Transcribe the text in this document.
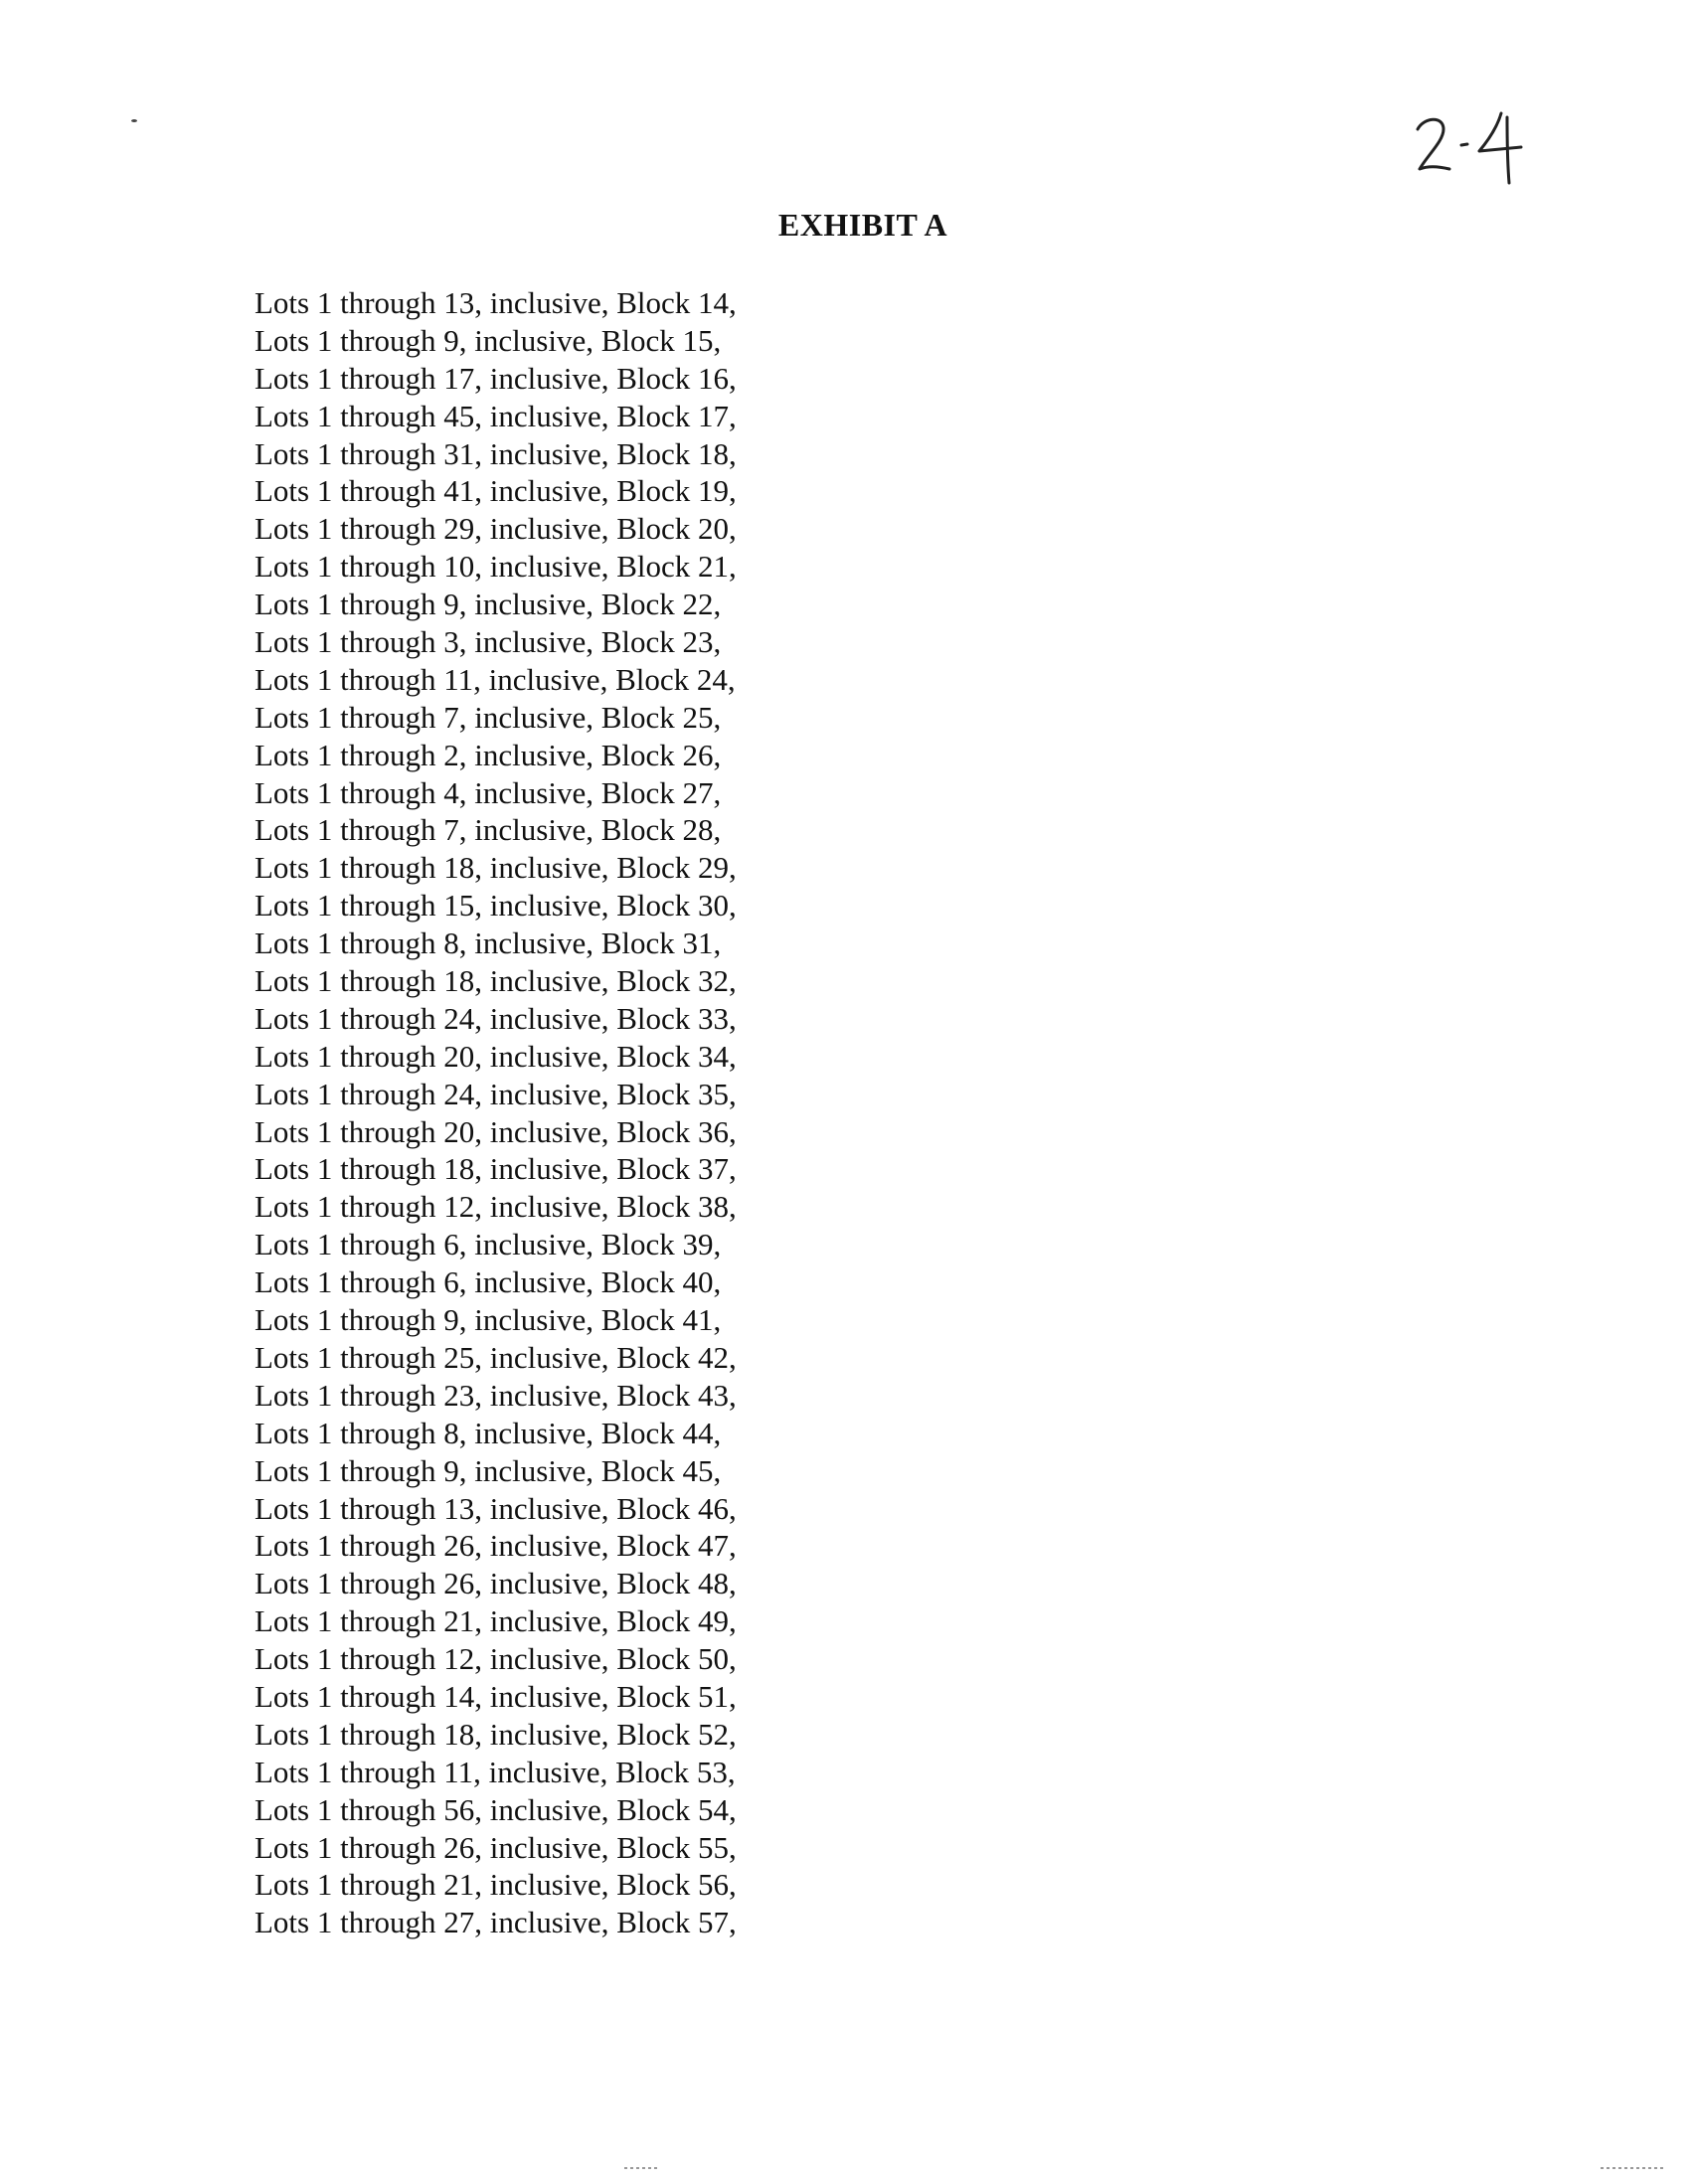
EXHIBIT A
Lots 1 through 13, inclusive, Block 14,
Lots 1 through 9, inclusive, Block 15,
Lots 1 through 17, inclusive, Block 16,
Lots 1 through 45, inclusive, Block 17,
Lots 1 through 31, inclusive, Block 18,
Lots 1 through 41, inclusive, Block 19,
Lots 1 through 29, inclusive, Block 20,
Lots 1 through 10, inclusive, Block 21,
Lots 1 through 9, inclusive, Block 22,
Lots 1 through 3, inclusive, Block 23,
Lots 1 through 11, inclusive, Block 24,
Lots 1 through 7, inclusive, Block 25,
Lots 1 through 2, inclusive, Block 26,
Lots 1 through 4, inclusive, Block 27,
Lots 1 through 7, inclusive, Block 28,
Lots 1 through 18, inclusive, Block 29,
Lots 1 through 15, inclusive, Block 30,
Lots 1 through 8, inclusive, Block 31,
Lots 1 through 18, inclusive, Block 32,
Lots 1 through 24, inclusive, Block 33,
Lots 1 through 20, inclusive, Block 34,
Lots 1 through 24, inclusive, Block 35,
Lots 1 through 20, inclusive, Block 36,
Lots 1 through 18, inclusive, Block 37,
Lots 1 through 12, inclusive, Block 38,
Lots 1 through 6, inclusive, Block 39,
Lots 1 through 6, inclusive, Block 40,
Lots 1 through 9, inclusive, Block 41,
Lots 1 through 25, inclusive, Block 42,
Lots 1 through 23, inclusive, Block 43,
Lots 1 through 8, inclusive, Block 44,
Lots 1 through 9, inclusive, Block 45,
Lots 1 through 13, inclusive, Block 46,
Lots 1 through 26, inclusive, Block 47,
Lots 1 through 26, inclusive, Block 48,
Lots 1 through 21, inclusive, Block 49,
Lots 1 through 12, inclusive, Block 50,
Lots 1 through 14, inclusive, Block 51,
Lots 1 through 18, inclusive, Block 52,
Lots 1 through 11, inclusive, Block 53,
Lots 1 through 56, inclusive, Block 54,
Lots 1 through 26, inclusive, Block 55,
Lots 1 through 21, inclusive, Block 56,
Lots 1 through 27, inclusive, Block 57,
